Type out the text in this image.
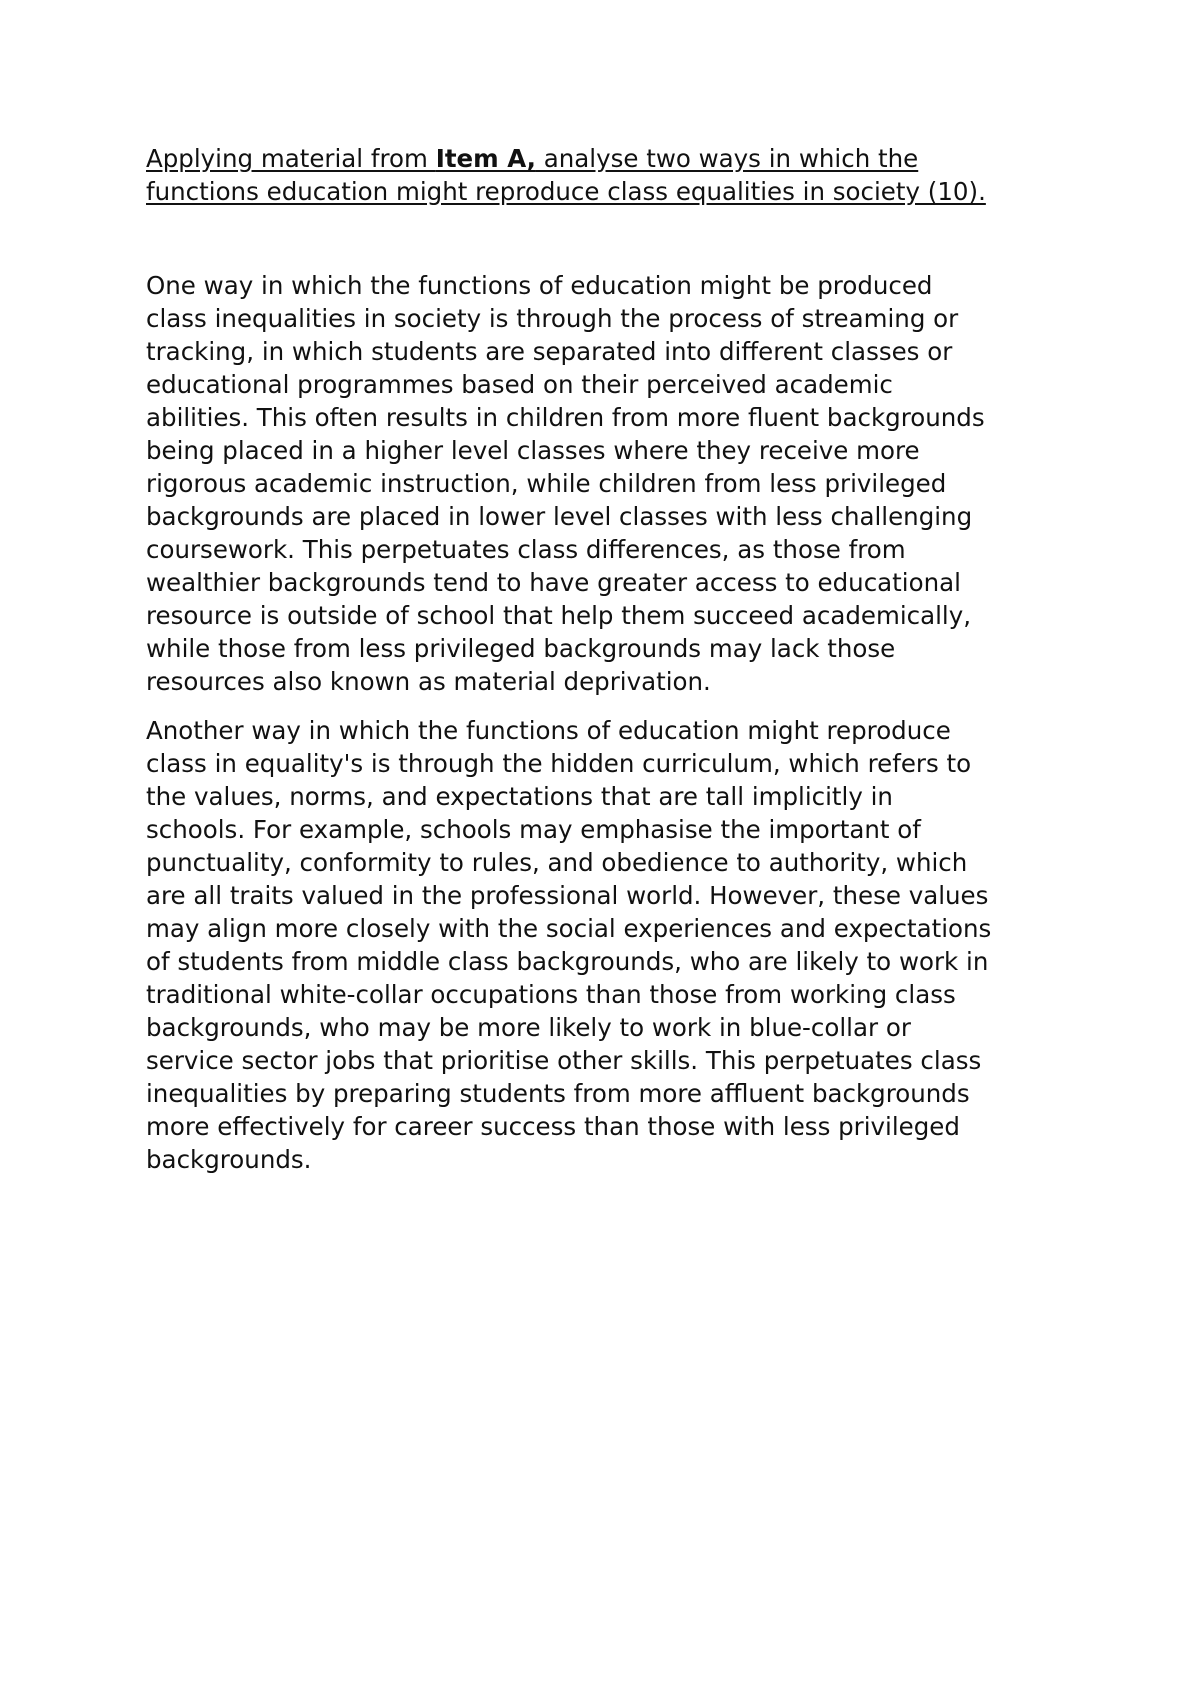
Applying material from Item A, analyse two ways in which the
functions education might reproduce class equalities in society (10).

One way in which the functions of education might be produced
class inequalities in society is through the process of streaming or
tracking, in which students are separated into different classes or
educational programmes based on their perceived academic
abilities. This often results in children from more fluent backgrounds
being placed in a higher level classes where they receive more
rigorous academic instruction, while children from less privileged
backgrounds are placed in lower level classes with less challenging
coursework. This perpetuates class differences, as those from
wealthier backgrounds tend to have greater access to educational
resource is outside of school that help them succeed academically,
while those from less privileged backgrounds may lack those
resources also known as material deprivation.

Another way in which the functions of education might reproduce
class in equality's is through the hidden curriculum, which refers to
the values, norms, and expectations that are tall implicitly in
schools. For example, schools may emphasise the important of
punctuality, conformity to rules, and obedience to authority, which
are all traits valued in the professional world. However, these values
may align more closely with the social experiences and expectations
of students from middle class backgrounds, who are likely to work in
traditional white-collar occupations than those from working class
backgrounds, who may be more likely to work in blue-collar or
service sector jobs that prioritise other skills. This perpetuates class
inequalities by preparing students from more affluent backgrounds
more effectively for career success than those with less privileged
backgrounds.
